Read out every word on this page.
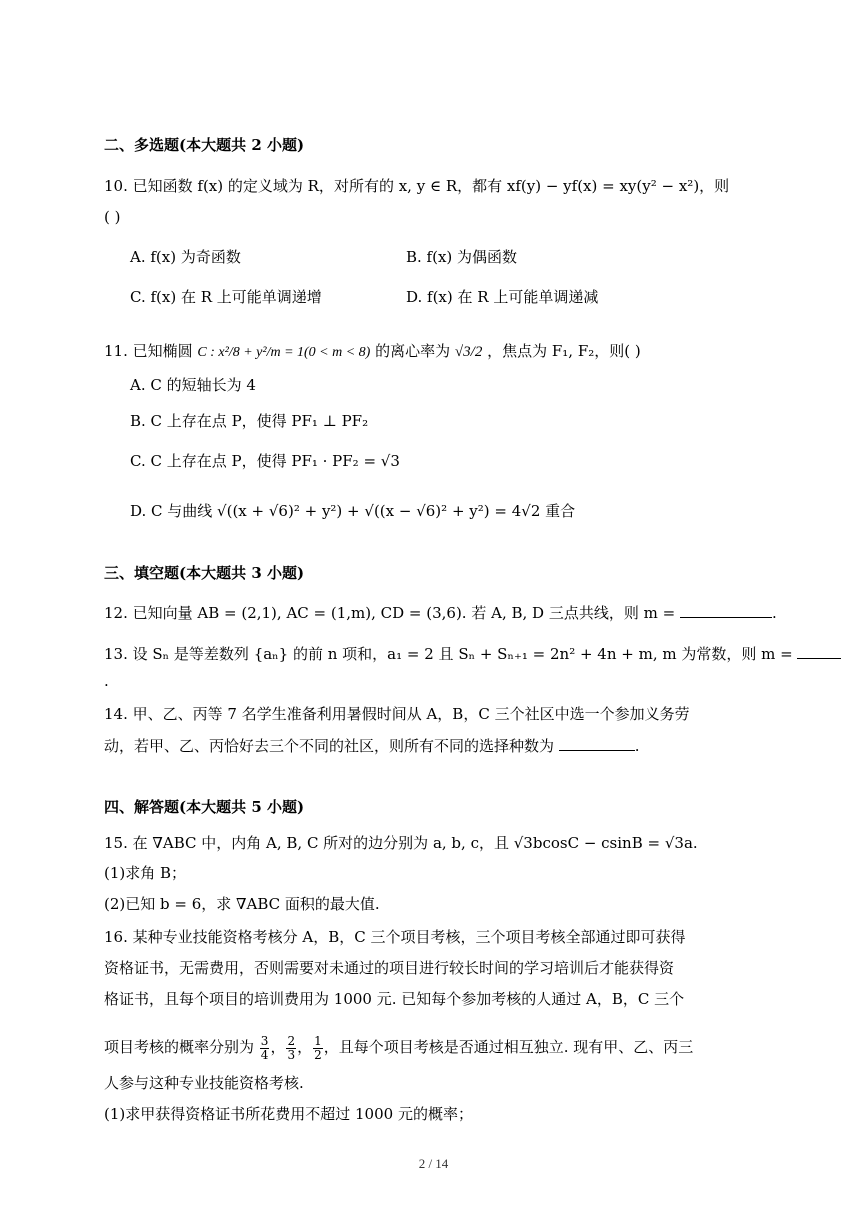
二、多选题(本大题共 2 小题)
10. 已知函数 f(x) 的定义域为 R，对所有的 x, y ∈ R，都有 xf(y) − yf(x) = xy(y² − x²)，则
( )
A. f(x) 为奇函数	B. f(x) 为偶函数
C. f(x) 在 R 上可能单调递增	D. f(x) 在 R 上可能单调递减
11. 已知椭圆 C : x²/8 + y²/m = 1(0 < m < 8) 的离心率为 √3/2 ，焦点为 F₁, F₂，则( )
A. C 的短轴长为 4
B. C 上存在点 P，使得 PF₁ ⊥ PF₂
C. C 上存在点 P，使得 PF₁ · PF₂ = √3
D. C 与曲线 √((x + √6)² + y²) + √((x − √6)² + y²) = 4√2 重合
三、填空题(本大题共 3 小题)
12. 已知向量 AB = (2,1), AC = (1,m), CD = (3,6). 若 A, B, D 三点共线，则 m =	.
13. 设 Sₙ 是等差数列 {aₙ} 的前 n 项和，a₁ = 2 且 Sₙ + Sₙ₊₁ = 2n² + 4n + m, m 为常数，则 m =
.
14. 甲、乙、丙等 7 名学生准备利用暑假时间从 A，B，C 三个社区中选一个参加义务劳
动，若甲、乙、丙恰好去三个不同的社区，则所有不同的选择种数为	.
四、解答题(本大题共 5 小题)
15. 在 ∇ABC 中，内角 A, B, C 所对的边分别为 a, b, c，且 √3bcosC − csinB = √3a.
(1)求角 B；
(2)已知 b = 6，求 ∇ABC 面积的最大值.
16. 某种专业技能资格考核分 A，B，C 三个项目考核，三个项目考核全部通过即可获得
资格证书，无需费用，否则需要对未通过的项目进行较长时间的学习培训后才能获得资
格证书，且每个项目的培训费用为 1000 元. 已知每个参加考核的人通过 A，B，C 三个
项目考核的概率分别为 $\frac{3}{4}$ ， $\frac{2}{3}$ ， $\frac{1}{2}$ ，且每个项目考核是否通过相互独立. 现有甲、乙、丙三
人参与这种专业技能资格考核.
(1)求甲获得资格证书所花费用不超过 1000 元的概率；
2 / 14
